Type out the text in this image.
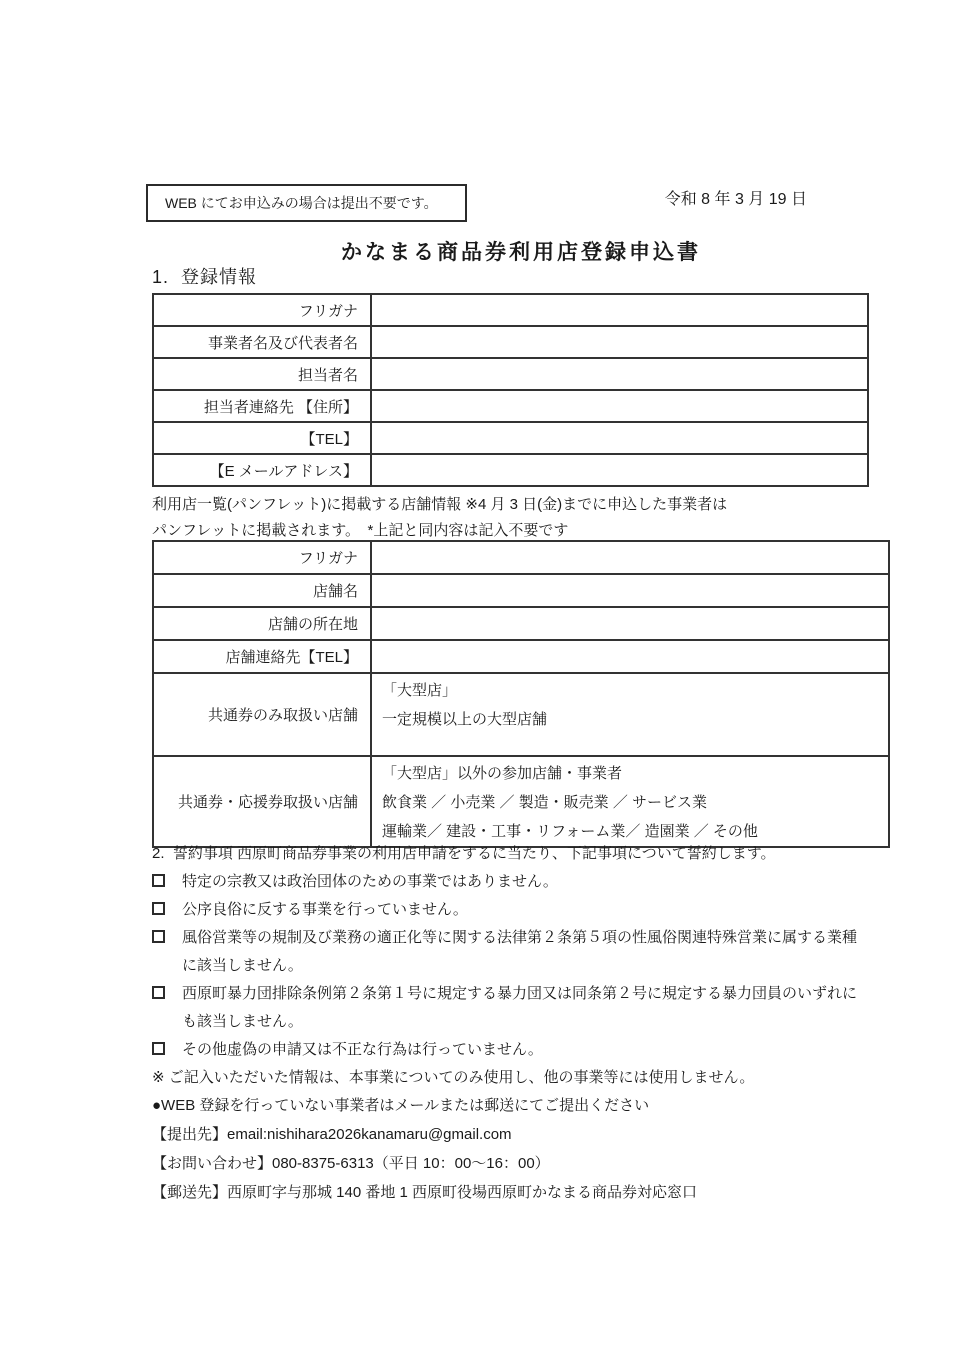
WEB にてお申込みの場合は提出不要です。	令和 8 年 3 月 19 日
かなまる商品券利用店登録申込書
1.  登録情報
フリガナ	
事業者名及び代表者名	
担当者名	
担当者連絡先 【住所】	
【TEL】	
【E メールアドレス】	
利用店一覧(パンフレット)に掲載する店舗情報 ※4 月 3 日(金)までに申込した事業者は
パンフレットに掲載されます。　*上記と同内容は記入不要です
フリガナ	
店舗名	
店舗の所在地	
店舗連絡先【TEL】	
共通券のみ取扱い店舗	「大型店」
一定規模以上の大型店舗

共通券・応援券取扱い店舗	「大型店」以外の参加店舗・事業者
飲食業 ／ 小売業 ／ 製造・販売業 ／ サービス業
運輸業／ 建設・工事・リフォーム業／ 造園業 ／ その他
2.  誓約事項 西原町商品券事業の利用店申請をするに当たり、下記事項について誓約します。
特定の宗教又は政治団体のための事業ではありません。
公序良俗に反する事業を行っていません。
風俗営業等の規制及び業務の適正化等に関する法律第２条第５項の性風俗関連特殊営業に属する業種
に該当しません。
西原町暴力団排除条例第２条第１号に規定する暴力団又は同条第２号に規定する暴力団員のいずれに
も該当しません。
その他虚偽の申請又は不正な行為は行っていません。
※ ご記入いただいた情報は、本事業についてのみ使用し、他の事業等には使用しません。
●WEB 登録を行っていない事業者はメールまたは郵送にてご提出ください
【提出先】email:nishihara2026kanamaru@gmail.com
【お問い合わせ】080-8375-6313（平日 10：00～16：00）
【郵送先】西原町字与那城 140 番地 1 西原町役場西原町かなまる商品券対応窓口
